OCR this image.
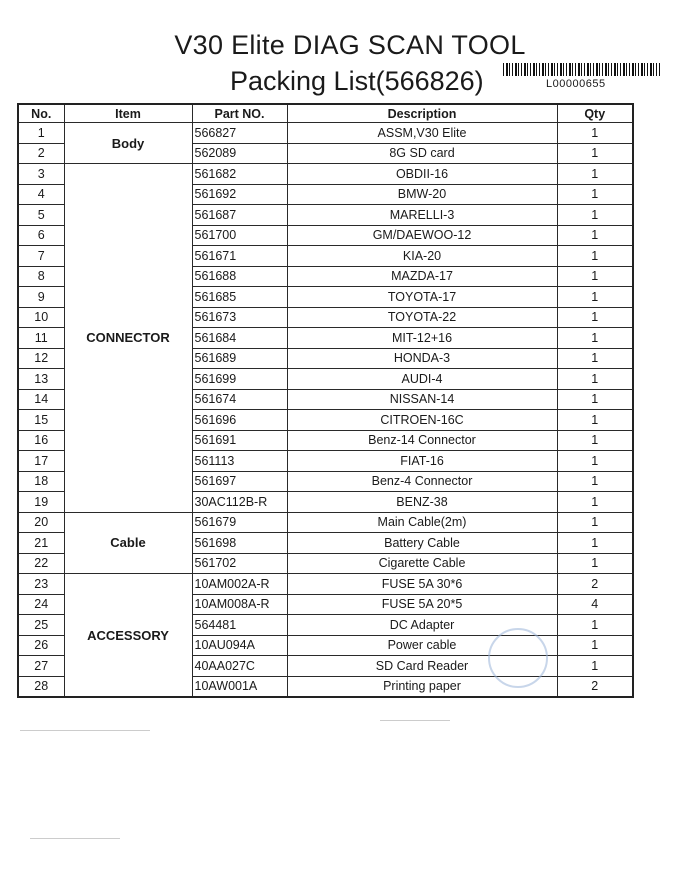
V30 Elite DIAG SCAN TOOL
Packing List(566826)	L00000655
No.	Item	Part NO.	Description	Qty
1	Body	566827	ASSM,V30 Elite	1
2		562089	8G SD card	1
3	CONNECTOR	561682	OBDII-16	1
4		561692	BMW-20	1
5		561687	MARELLI-3	1
6		561700	GM/DAEWOO-12	1
7		561671	KIA-20	1
8		561688	MAZDA-17	1
9		561685	TOYOTA-17	1
10		561673	TOYOTA-22	1
11		561684	MIT-12+16	1
12		561689	HONDA-3	1
13		561699	AUDI-4	1
14		561674	NISSAN-14	1
15		561696	CITROEN-16C	1
16		561691	Benz-14 Connector	1
17		561113	FIAT-16	1
18		561697	Benz-4 Connector	1
19		30AC112B-R	BENZ-38	1
20	Cable	561679	Main Cable(2m)	1
21		561698	Battery Cable	1
22		561702	Cigarette Cable	1
23	ACCESSORY	10AM002A-R	FUSE 5A 30*6	2
24		10AM008A-R	FUSE 5A 20*5	4
25		564481	DC Adapter	1
26		10AU094A	Power cable	1
27		40AA027C	SD Card Reader	1
28		10AW001A	Printing paper	2
